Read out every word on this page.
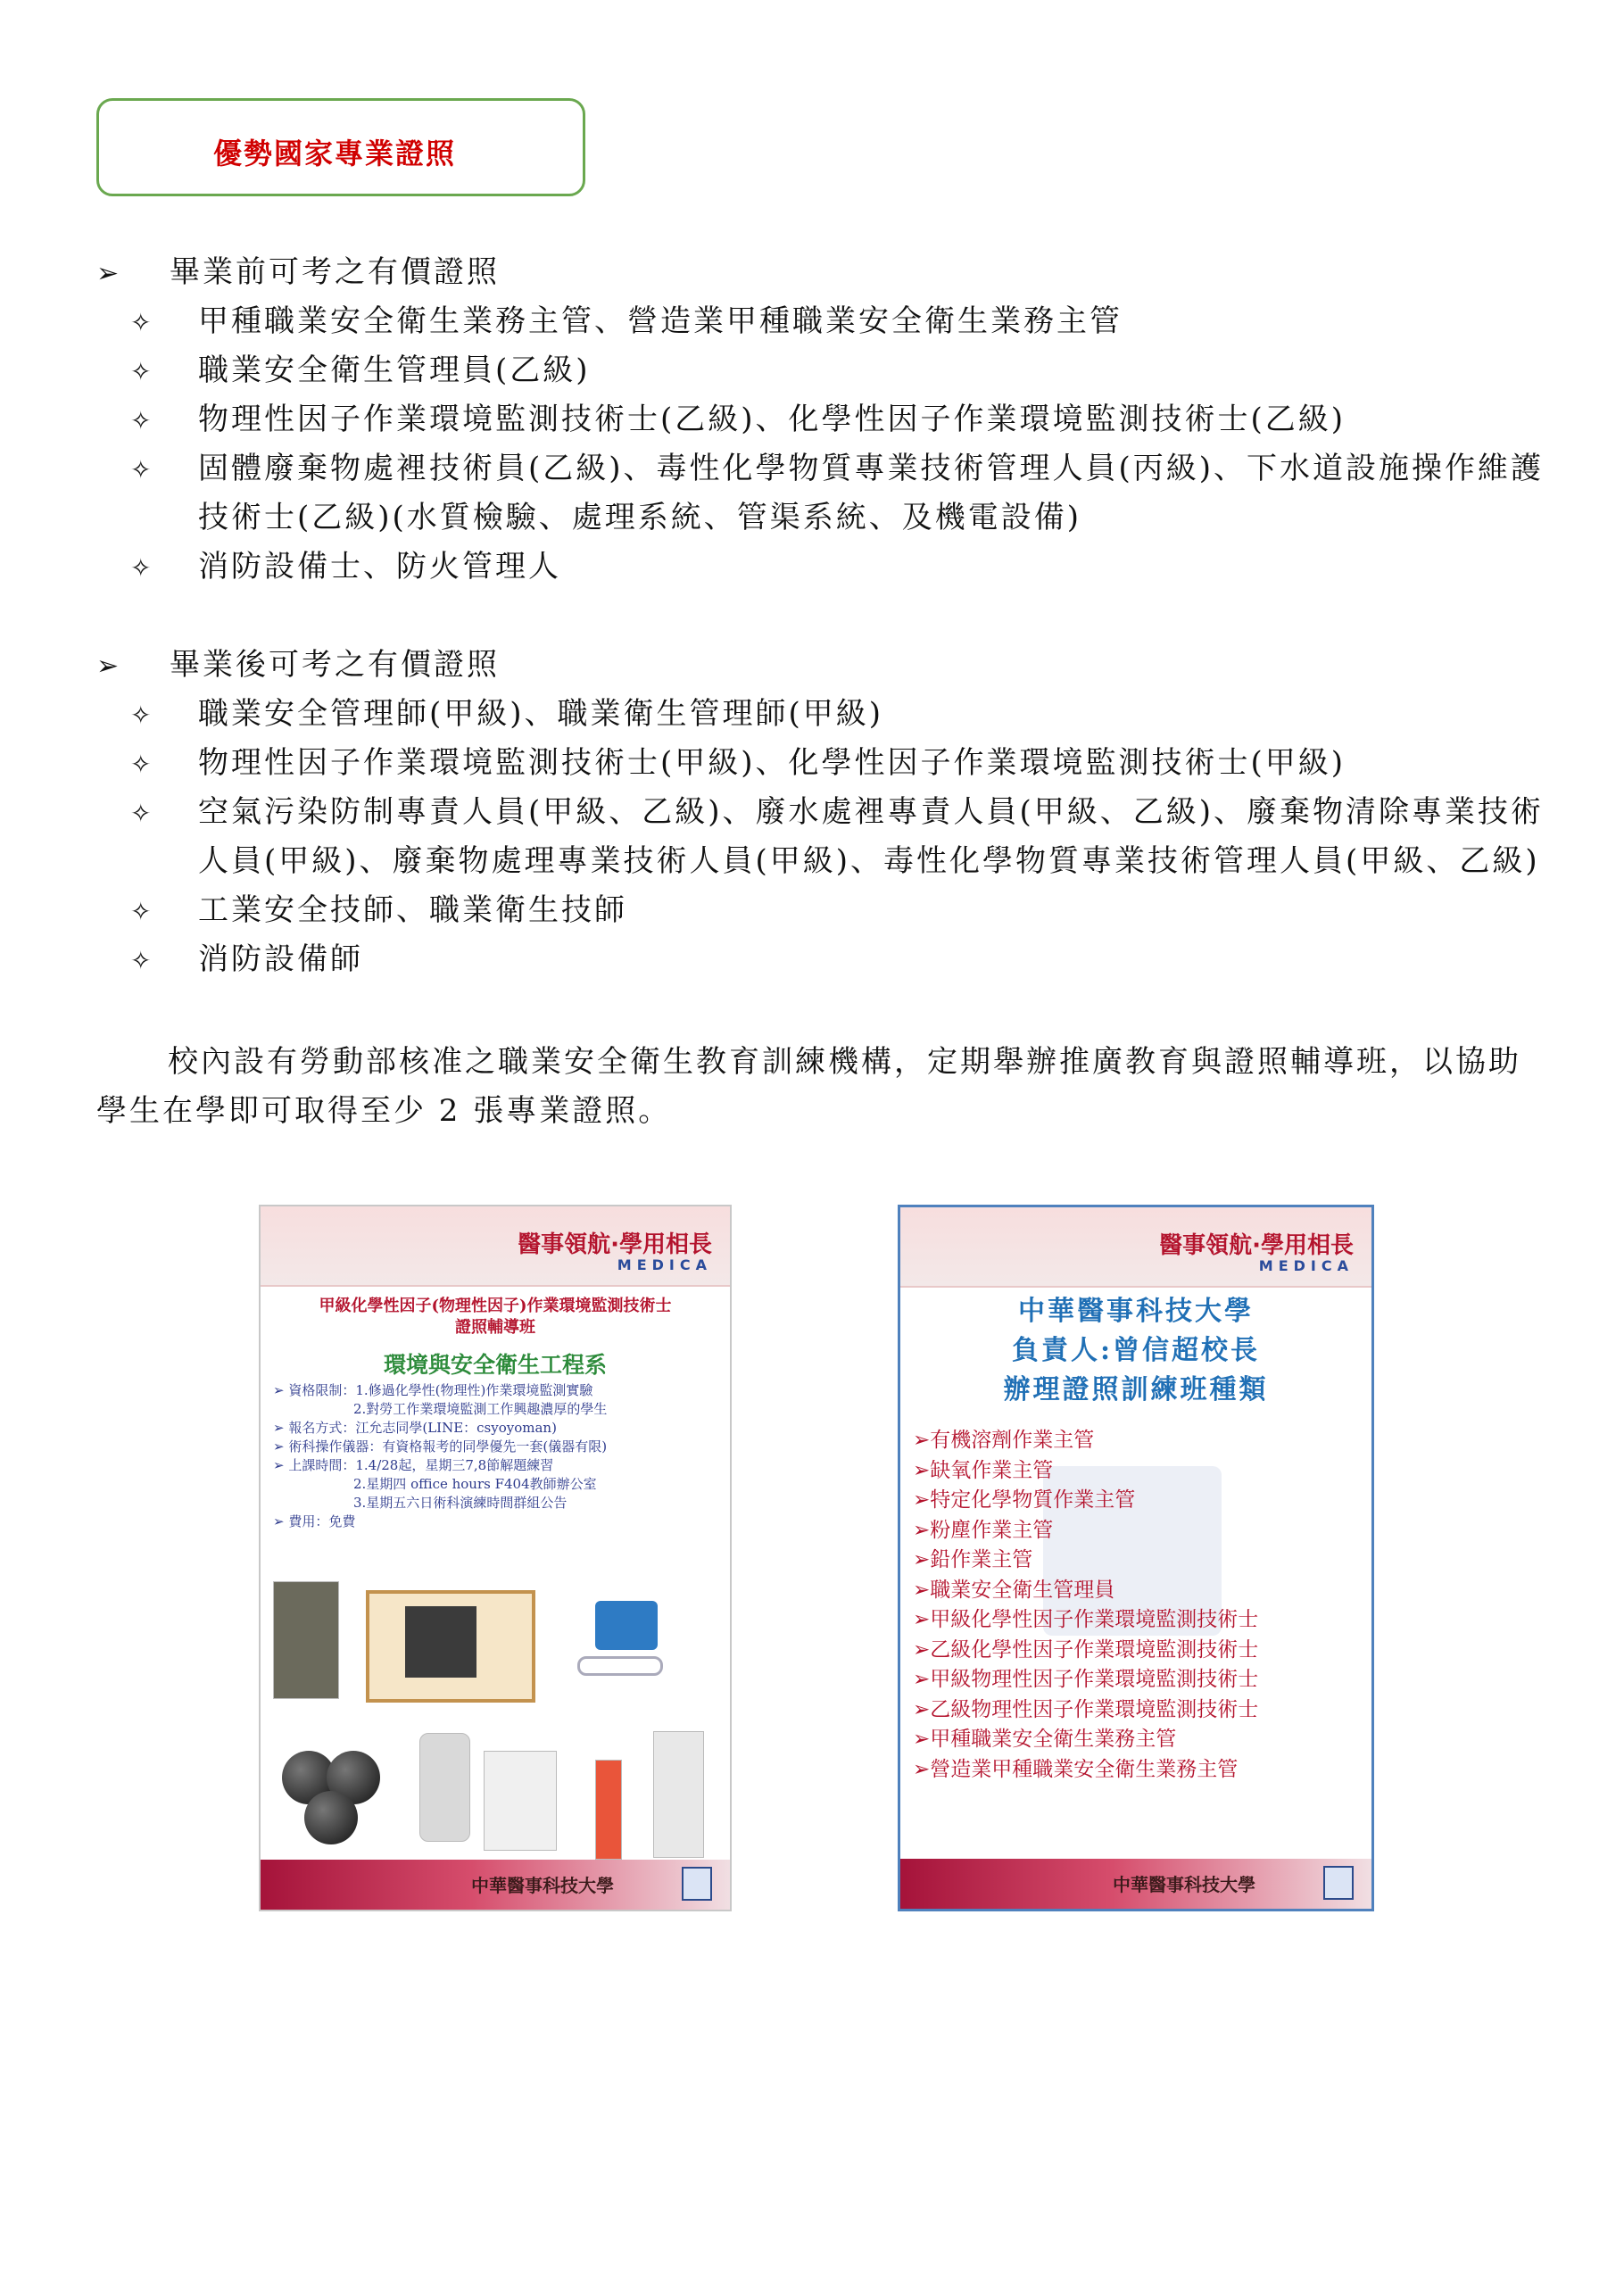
優勢國家專業證照
➢ 畢業前可考之有價證照
✧ 甲種職業安全衛生業務主管、營造業甲種職業安全衛生業務主管
✧ 職業安全衛生管理員(乙級)
✧ 物理性因子作業環境監測技術士(乙級)、化學性因子作業環境監測技術士(乙級)
✧ 固體廢棄物處裡技術員(乙級)、毒性化學物質專業技術管理人員(丙級)、下水道設施操作維護
技術士(乙級)(水質檢驗、處理系統、管渠系統、及機電設備)
✧ 消防設備士、防火管理人
➢ 畢業後可考之有價證照
✧ 職業安全管理師(甲級)、職業衛生管理師(甲級)
✧ 物理性因子作業環境監測技術士(甲級)、化學性因子作業環境監測技術士(甲級)
✧ 空氣污染防制專責人員(甲級、乙級)、廢水處裡專責人員(甲級、乙級)、廢棄物清除專業技術
人員(甲級)、廢棄物處理專業技術人員(甲級)、毒性化學物質專業技術管理人員(甲級、乙級)
✧ 工業安全技師、職業衛生技師
✧ 消防設備師
校內設有勞動部核准之職業安全衛生教育訓練機構，定期舉辦推廣教育與證照輔導班，以協助
學生在學即可取得至少 2 張專業證照。
醫事領航·學用相長
MEDICA
甲級化學性因子(物理性因子)作業環境監測技術士
證照輔導班
環境與安全衛生工程系
➢ 資格限制：1.修過化學性(物理性)作業環境監測實驗
　　　　　　2.對勞工作業環境監測工作興趣濃厚的學生
➢ 報名方式：江允志同學(LINE：csyoyoman)
➢ 術科操作儀器：有資格報考的同學優先一套(儀器有限)
➢ 上課時間：1.4/28起，星期三7,8節解題練習
　　　　　　2.星期四 office hours F404教師辦公室
　　　　　　3.星期五六日術科演練時間群組公告
➢ 費用：免費
中華醫事科技大學
醫事領航·學用相長
MEDICA
中華醫事科技大學
負責人:曾信超校長
辦理證照訓練班種類
➢有機溶劑作業主管
➢缺氧作業主管
➢特定化學物質作業主管
➢粉塵作業主管
➢鉛作業主管
➢職業安全衛生管理員
➢甲級化學性因子作業環境監測技術士
➢乙級化學性因子作業環境監測技術士
➢甲級物理性因子作業環境監測技術士
➢乙級物理性因子作業環境監測技術士
➢甲種職業安全衛生業務主管
➢營造業甲種職業安全衛生業務主管
中華醫事科技大學
